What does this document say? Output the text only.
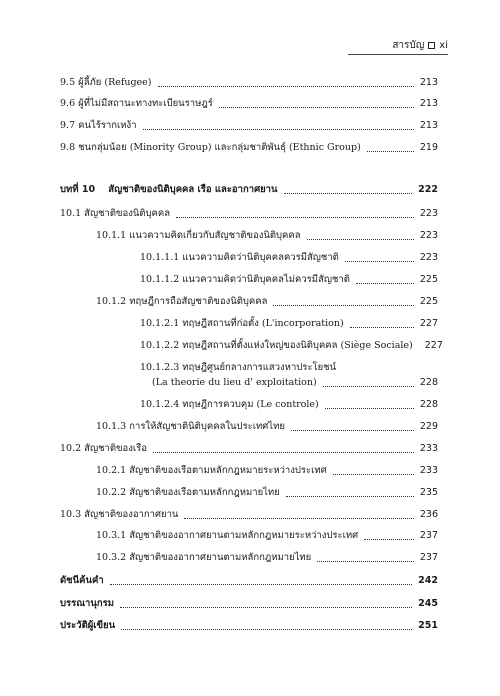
สารบัญ xi
9.5 ผู้ลี้ภัย (Refugee)	213
9.6 ผู้ที่ไม่มีสถานะทางทะเบียนราษฎร์	213
9.7 คนไร้รากเหง้า	213
9.8 ชนกลุ่มน้อย (Minority Group) และกลุ่มชาติพันธุ์ (Ethnic Group)	219
บทที่ 10    สัญชาติของนิติบุคคล เรือ และอากาศยาน	222
10.1 สัญชาติของนิติบุคคล	223
10.1.1 แนวความคิดเกี่ยวกับสัญชาติของนิติบุคคล	223
10.1.1.1 แนวความคิดว่านิติบุคคลควรมีสัญชาติ	223
10.1.1.2 แนวความคิดว่านิติบุคคลไม่ควรมีสัญชาติ	225
10.1.2 ทฤษฎีการถือสัญชาติของนิติบุคคล	225
10.1.2.1 ทฤษฎีสถานที่ก่อตั้ง (L'incorporation)	227
10.1.2.2 ทฤษฎีสถานที่ตั้งแห่งใหญ่ของนิติบุคคล (Siège Sociale) 227
10.1.2.3 ทฤษฎีศูนย์กลางการแสวงหาประโยชน์
(La theorie du lieu d' exploitation)	228
10.1.2.4 ทฤษฎีการควบคุม (Le controle)	228
10.1.3 การให้สัญชาตินิติบุคคลในประเทศไทย	229
10.2 สัญชาติของเรือ	233
10.2.1 สัญชาติของเรือตามหลักกฎหมายระหว่างประเทศ	233
10.2.2 สัญชาติของเรือตามหลักกฎหมายไทย	235
10.3 สัญชาติของอากาศยาน	236
10.3.1 สัญชาติของอากาศยานตามหลักกฎหมายระหว่างประเทศ	237
10.3.2 สัญชาติของอากาศยานตามหลักกฎหมายไทย	237
ดัชนีค้นคำ	242
บรรณานุกรม	245
ประวัติผู้เขียน	251
